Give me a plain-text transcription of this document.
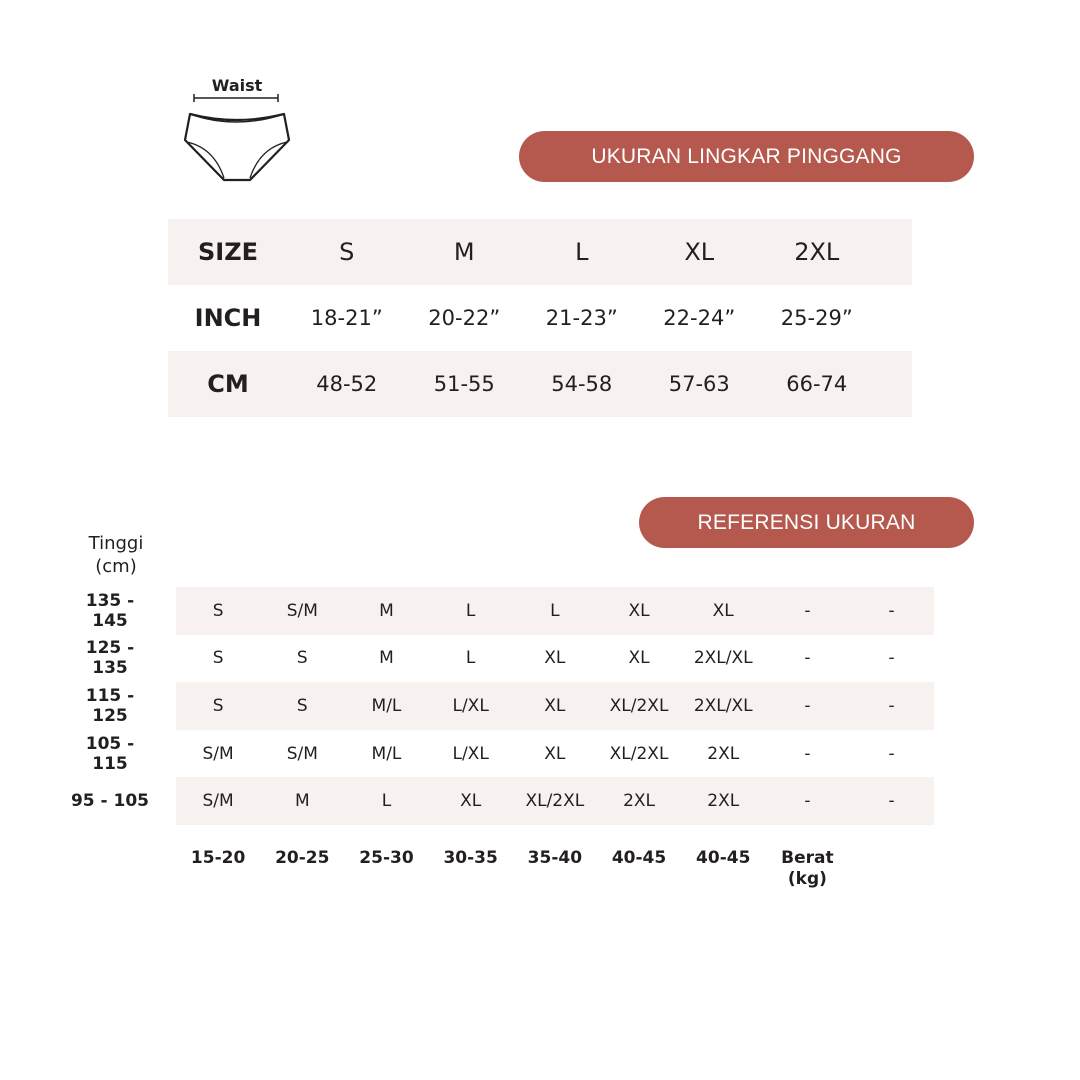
Waist
UKURAN LINGKAR PINGGANG
SIZE	S	M	L	XL	2XL
INCH	18-21”	20-22”	21-23”	22-24”	25-29”
CM	48-52	51-55	54-58	57-63	66-74
REFERENSI UKURAN
Tinggi
(cm)
135 - 145	S	S/M	M	L	L	XL	XL	-	-
125 - 135	S	S	M	L	XL	XL	2XL/XL	-	-
115 - 125	S	S	M/L	L/XL	XL	XL/2XL	2XL/XL	-	-
105 - 115	S/M	S/M	M/L	L/XL	XL	XL/2XL	2XL	-	-
95 - 105	S/M	M	L	XL	XL/2XL	2XL	2XL	-	-
15-20	20-25	25-30	30-35	35-40	40-45	40-45	Berat
(kg)
